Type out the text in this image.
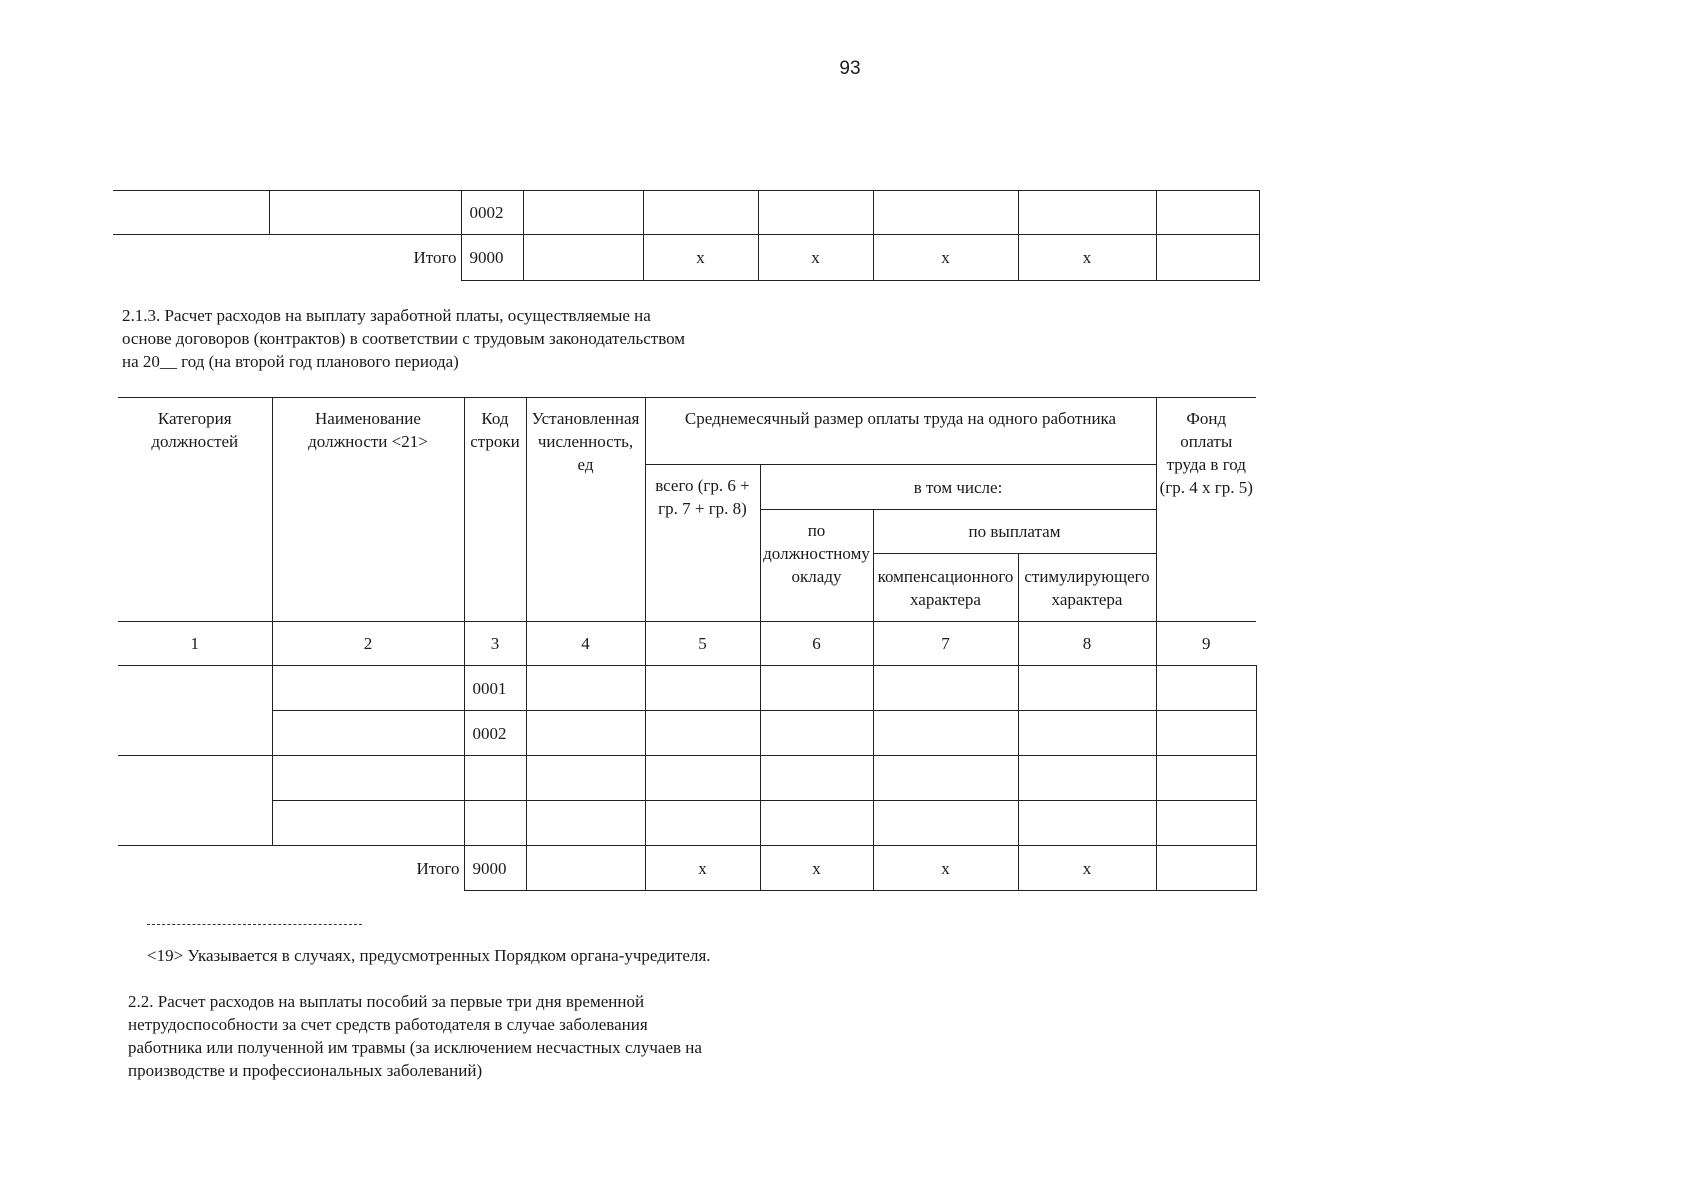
93
		0002						
Итого		9000		x	x	x	x	
2.1.3. Расчет расходов на выплату заработной платы, осуществляемые на
основе договоров (контрактов) в соответствии с трудовым законодательством
на 20__ год (на второй год планового периода)
Категория должностей	Наименование должности <21>	Код строки	Установленная численность, ед	Среднемесячный размер оплаты труда на одного работника				Фонд оплаты труда в год (гр. 4 х гр. 5)
				всего (гр. 6 + гр. 7 + гр. 8)	в том числе:			
					по должностному окладу	по выплатам		
						компенсационного характера	стимулирующего характера	
1	2	3	4	5	6	7	8	9
		0001						
		0002						

Итого		9000		x	x	x	x	
<19> Указывается в случаях, предусмотренных Порядком органа-учредителя.
2.2. Расчет расходов на выплаты пособий за первые три дня временной
нетрудоспособности за счет средств работодателя в случае заболевания
работника или полученной им травмы (за исключением несчастных случаев на
производстве и профессиональных заболеваний)
